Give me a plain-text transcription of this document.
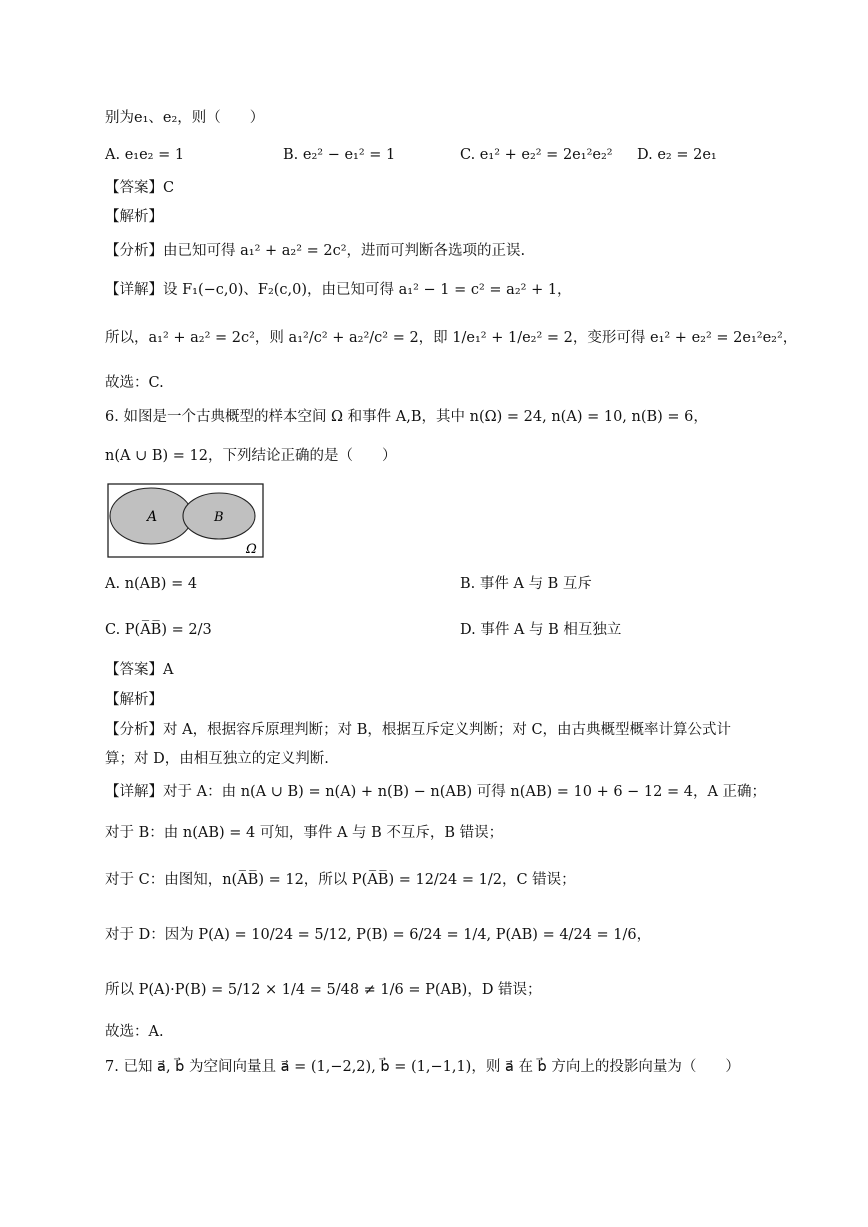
别为e₁、e₂，则（　　）
A. e₁e₂ = 1	B. e₂² − e₁² = 1	C. e₁² + e₂² = 2e₁²e₂² D. e₂ = 2e₁
【答案】C
【解析】
【分析】由已知可得 a₁² + a₂² = 2c²，进而可判断各选项的正误.
【详解】设 F₁(−c,0)、F₂(c,0)，由已知可得 a₁² − 1 = c² = a₂² + 1，
所以，a₁² + a₂² = 2c²，则 a₁²/c² + a₂²/c² = 2，即 1/e₁² + 1/e₂² = 2，变形可得 e₁² + e₂² = 2e₁²e₂²，
故选：C.
6. 如图是一个古典概型的样本空间 Ω 和事件 A,B，其中 n(Ω) = 24, n(A) = 10, n(B) = 6，
n(A ∪ B) = 12，下列结论正确的是（　　）
A	B
Ω
A. n(AB) = 4	B. 事件 A 与 B 互斥
C. P(A̅B̅) = 2/3	D. 事件 A 与 B 相互独立
【答案】A
【解析】
【分析】对 A，根据容斥原理判断；对 B，根据互斥定义判断；对 C，由古典概型概率计算公式计
算；对 D，由相互独立的定义判断.
【详解】对于 A：由 n(A ∪ B) = n(A) + n(B) − n(AB) 可得 n(AB) = 10 + 6 − 12 = 4，A 正确；
对于 B：由 n(AB) = 4 可知，事件 A 与 B 不互斥，B 错误；
对于 C：由图知，n(A̅B̅) = 12，所以 P(A̅B̅) = 12/24 = 1/2，C 错误；
对于 D：因为 P(A) = 10/24 = 5/12, P(B) = 6/24 = 1/4, P(AB) = 4/24 = 1/6，
所以 P(A)·P(B) = 5/12 × 1/4 = 5/48 ≠ 1/6 = P(AB)，D 错误；
故选：A.
7. 已知 a⃗, b⃗ 为空间向量且 a⃗ = (1,−2,2), b⃗ = (1,−1,1)，则 a⃗ 在 b⃗ 方向上的投影向量为（　　）
